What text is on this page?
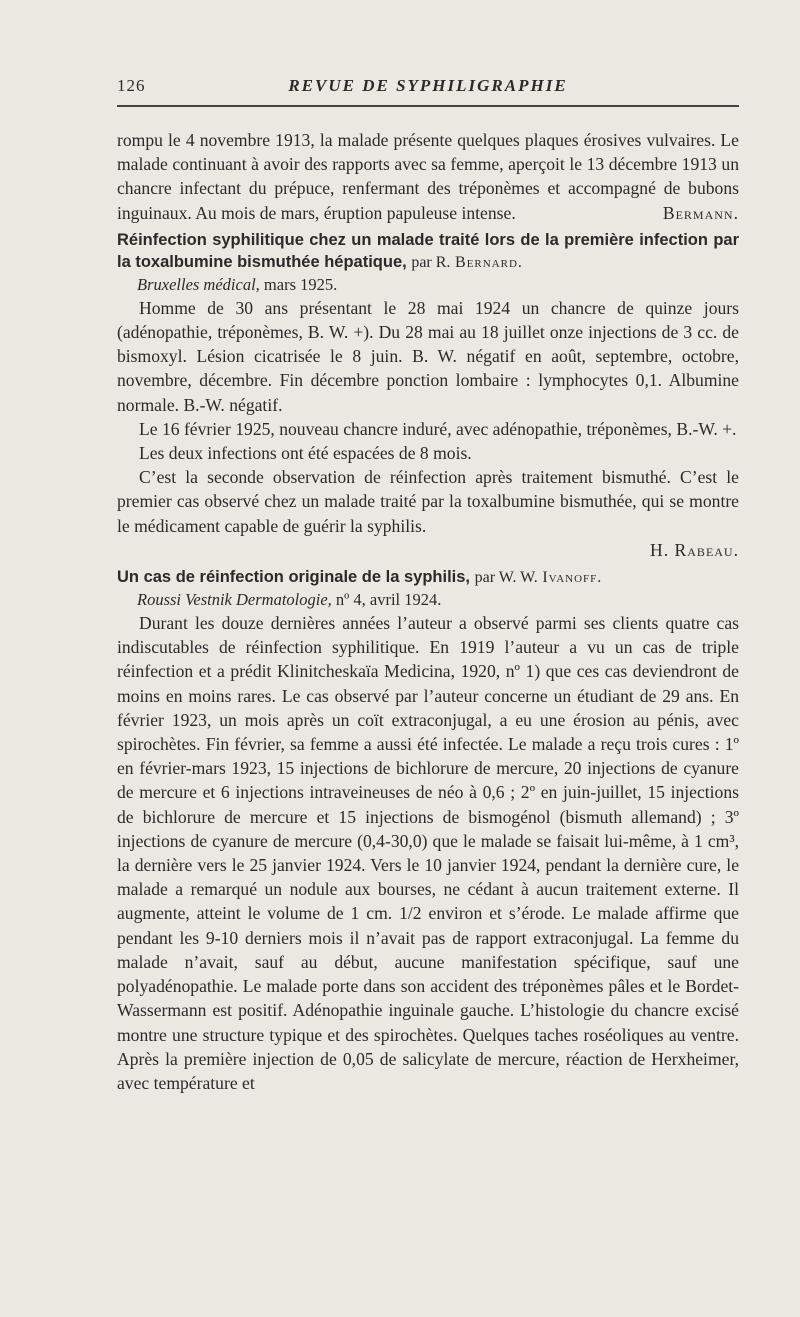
126	REVUE DE SYPHILIGRAPHIE

rompu le 4 novembre 1913, la malade présente quelques plaques érosives vulvaires. Le malade continuant à avoir des rapports avec sa femme, aperçoit le 13 décembre 1913 un chancre infectant du prépuce, renfermant des tréponèmes et accompagné de bubons inguinaux. Au mois de mars, éruption papuleuse intense.	Bermann.

Réinfection syphilitique chez un malade traité lors de la première infection par la toxalbumine bismuthée hépatique, par R. Bernard.
Bruxelles médical, mars 1925.

Homme de 30 ans présentant le 28 mai 1924 un chancre de quinze jours (adénopathie, tréponèmes, B. W. +). Du 28 mai au 18 juillet onze injections de 3 cc. de bismoxyl. Lésion cicatrisée le 8 juin. B. W. négatif en août, septembre, octobre, novembre, décembre. Fin décembre ponction lombaire : lymphocytes 0,1. Albumine normale. B.-W. négatif.

Le 16 février 1925, nouveau chancre induré, avec adénopathie, tréponèmes, B.-W. +.

Les deux infections ont été espacées de 8 mois.

C’est la seconde observation de réinfection après traitement bismuthé. C’est le premier cas observé chez un malade traité par la toxalbumine bismuthée, qui se montre le médicament capable de guérir la syphilis.

H. Rabeau.

Un cas de réinfection originale de la syphilis, par W. W. Ivanoff.
Roussi Vestnik Dermatologie, nº 4, avril 1924.

Durant les douze dernières années l’auteur a observé parmi ses clients quatre cas indiscutables de réinfection syphilitique. En 1919 l’auteur a vu un cas de triple réinfection et a prédit Klinitcheskaïa Medicina, 1920, nº 1) que ces cas deviendront de moins en moins rares. Le cas observé par l’auteur concerne un étudiant de 29 ans. En février 1923, un mois après un coït extraconjugal, a eu une érosion au pénis, avec spirochètes. Fin février, sa femme a aussi été infectée. Le malade a reçu trois cures : 1º en février-mars 1923, 15 injections de bichlorure de mercure, 20 injections de cyanure de mercure et 6 injections intraveineuses de néo à 0,6 ; 2º en juin-juillet, 15 injections de bichlorure de mercure et 15 injections de bismogénol (bismuth allemand) ; 3º injections de cyanure de mercure (0,4-30,0) que le malade se faisait lui-même, à 1 cm³, la dernière vers le 25 janvier 1924. Vers le 10 janvier 1924, pendant la dernière cure, le malade a remarqué un nodule aux bourses, ne cédant à aucun traitement externe. Il augmente, atteint le volume de 1 cm. 1/2 environ et s’érode. Le malade affirme que pendant les 9-10 derniers mois il n’avait pas de rapport extraconjugal. La femme du malade n’avait, sauf au début, aucune manifestation spécifique, sauf une polyadénopathie. Le malade porte dans son accident des tréponèmes pâles et le Bordet-Wassermann est positif. Adénopathie inguinale gauche. L’histologie du chancre excisé montre une structure typique et des spirochètes. Quelques taches roséoliques au ventre. Après la première injection de 0,05 de salicylate de mercure, réaction de Herxheimer, avec température et
